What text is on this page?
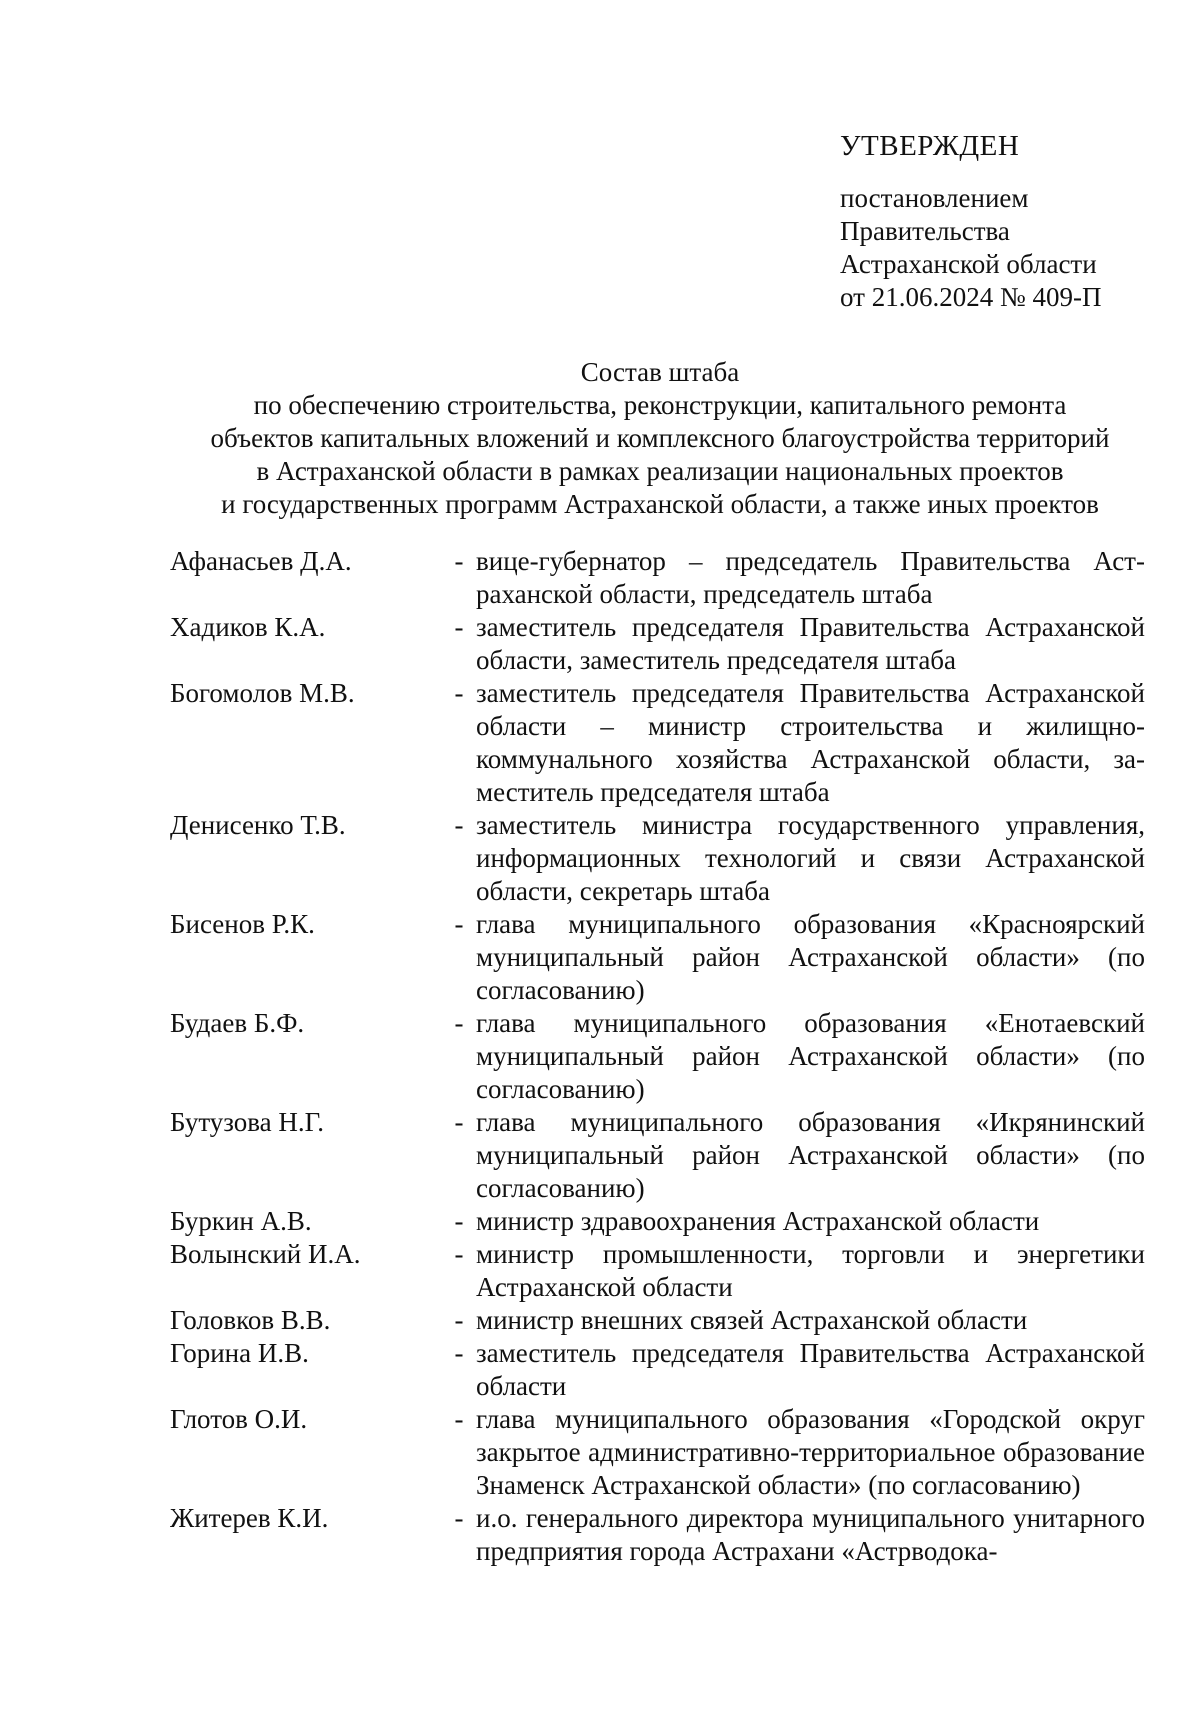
УТВЕРЖДЕН
постановлением
Правительства
Астраханской области
от 21.06.2024 № 409-П
Состав штаба
по обеспечению строительства, реконструкции, капитального ремонта
объектов капитальных вложений и комплексного благоустройства территорий
в Астраханской области в рамках реализации национальных проектов
и государственных программ Астраханской области, а также иных проектов
Афанасьев Д.А.	- вице-губернатор – председатель Правительства Астраханской области, председатель штаба
Хадиков К.А.	- заместитель председателя Правительства Астраханской области, заместитель председателя штаба
Богомолов М.В.	- заместитель председателя Правительства Астраханской области – министр строительства и жилищно-коммунального хозяйства Астраханской области, заместитель председателя штаба
Денисенко Т.В.	- заместитель министра государственного управления, информационных технологий и связи Астраханской области, секретарь штаба
Бисенов Р.К.	- глава муниципального образования «Красноярский муниципальный район Астраханской области» (по согласованию)
Будаев Б.Ф.	- глава муниципального образования «Енотаевский муниципальный район Астраханской области» (по согласованию)
Бутузова Н.Г.	- глава муниципального образования «Икрянинский муниципальный район Астраханской области» (по согласованию)
Буркин А.В.	- министр здравоохранения Астраханской области
Волынский И.А.	- министр промышленности, торговли и энергетики Астраханской области
Головков В.В.	- министр внешних связей Астраханской области
Горина И.В.	- заместитель председателя Правительства Астраханской области
Глотов О.И.	- глава муниципального образования «Городской округ закрытое административно-территориальное образование Знаменск Астраханской области» (по согласованию)
Житерев К.И.	- и.о. генерального директора муниципального унитарного предприятия города Астрахани «Астрводока-
